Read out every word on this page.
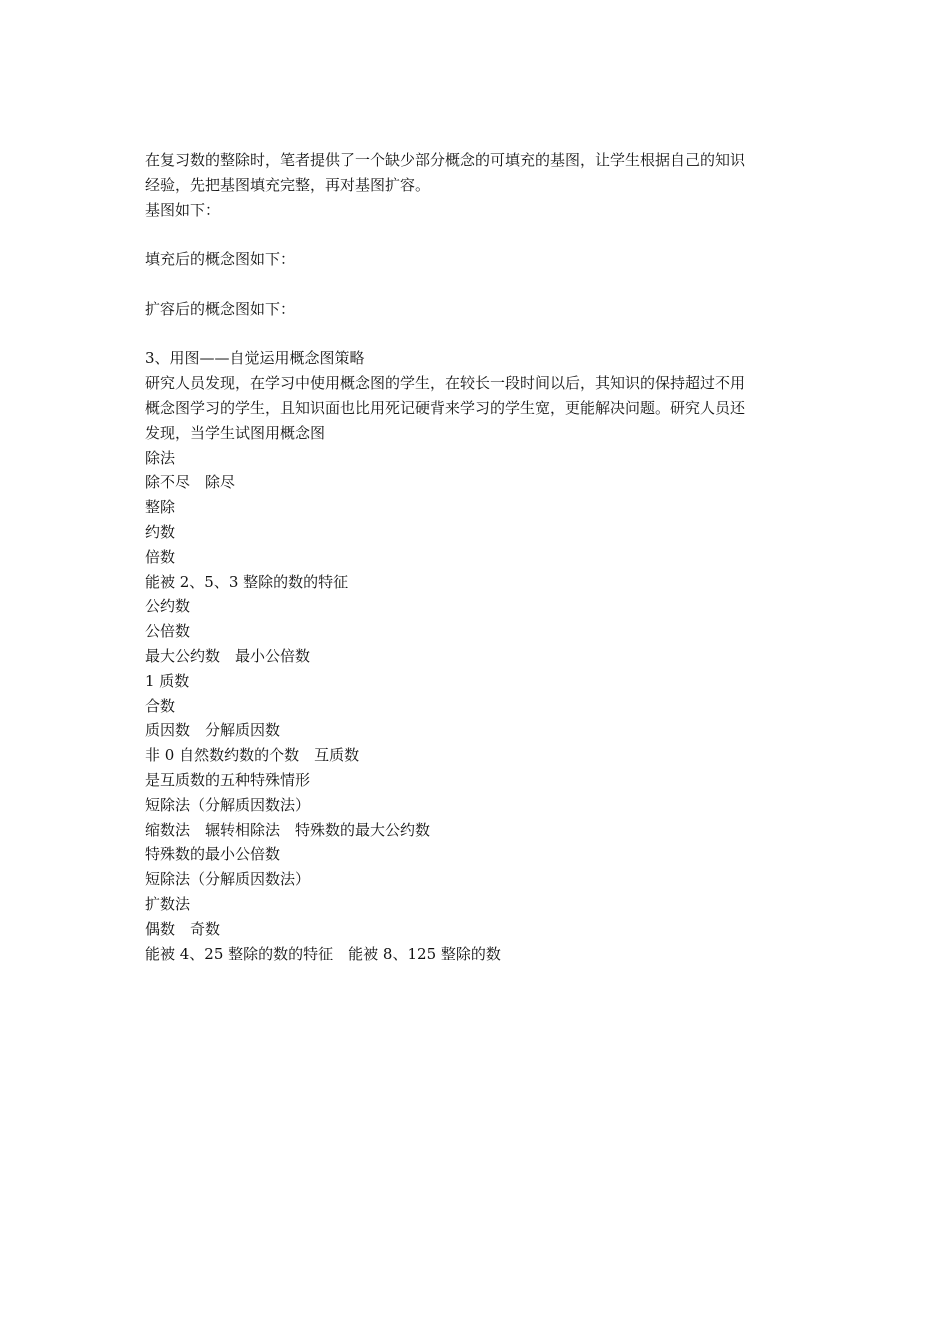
在复习数的整除时，笔者提供了一个缺少部分概念的可填充的基图，让学生根据自己的知识
经验，先把基图填充完整，再对基图扩容。
基图如下：
填充后的概念图如下：
扩容后的概念图如下：
3、用图——自觉运用概念图策略
研究人员发现，在学习中使用概念图的学生，在较长一段时间以后，其知识的保持超过不用
概念图学习的学生，且知识面也比用死记硬背来学习的学生宽，更能解决问题。研究人员还
发现，当学生试图用概念图
除法
除不尽　除尽
整除
约数
倍数
能被 2、5、3 整除的数的特征
公约数
公倍数
最大公约数　最小公倍数
1 质数
合数
质因数　分解质因数
非 0 自然数约数的个数　互质数
是互质数的五种特殊情形
短除法（分解质因数法）
缩数法　辗转相除法　特殊数的最大公约数
特殊数的最小公倍数
短除法（分解质因数法）
扩数法
偶数　奇数
能被 4、25 整除的数的特征　能被 8、125 整除的数
